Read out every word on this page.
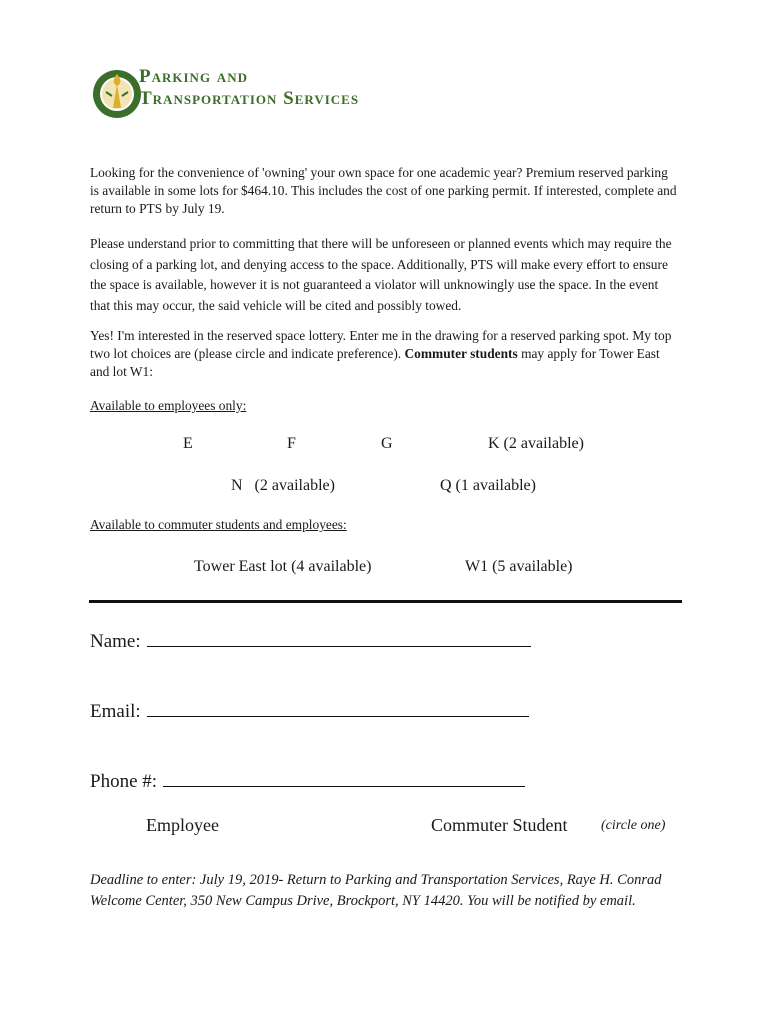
Parking and
Transportation Services

Looking for the convenience of 'owning' your own space for one academic year? Premium reserved parking is available in some lots for $464.10. This includes the cost of one parking permit. If interested, complete and return to PTS by July 19.

Please understand prior to committing that there will be unforeseen or planned events which may require the closing of a parking lot, and denying access to the space. Additionally, PTS will make every effort to ensure the space is available, however it is not guaranteed a violator will unknowingly use the space. In the event that this may occur, the said vehicle will be cited and possibly towed.

Yes! I'm interested in the reserved space lottery. Enter me in the drawing for a reserved parking spot. My top two lot choices are (please circle and indicate preference). Commuter students may apply for Tower East and lot W1:

Available to employees only:
E	F	G	K (2 available)
N   (2 available)	Q (1 available)
Available to commuter students and employees:
Tower East lot (4 available)	W1 (5 available)
Name:
Email:
Phone #:
Employee	Commuter Student (circle one)

Deadline to enter: July 19, 2019- Return to Parking and Transportation Services, Raye H. Conrad Welcome Center, 350 New Campus Drive, Brockport, NY 14420. You will be notified by email.
